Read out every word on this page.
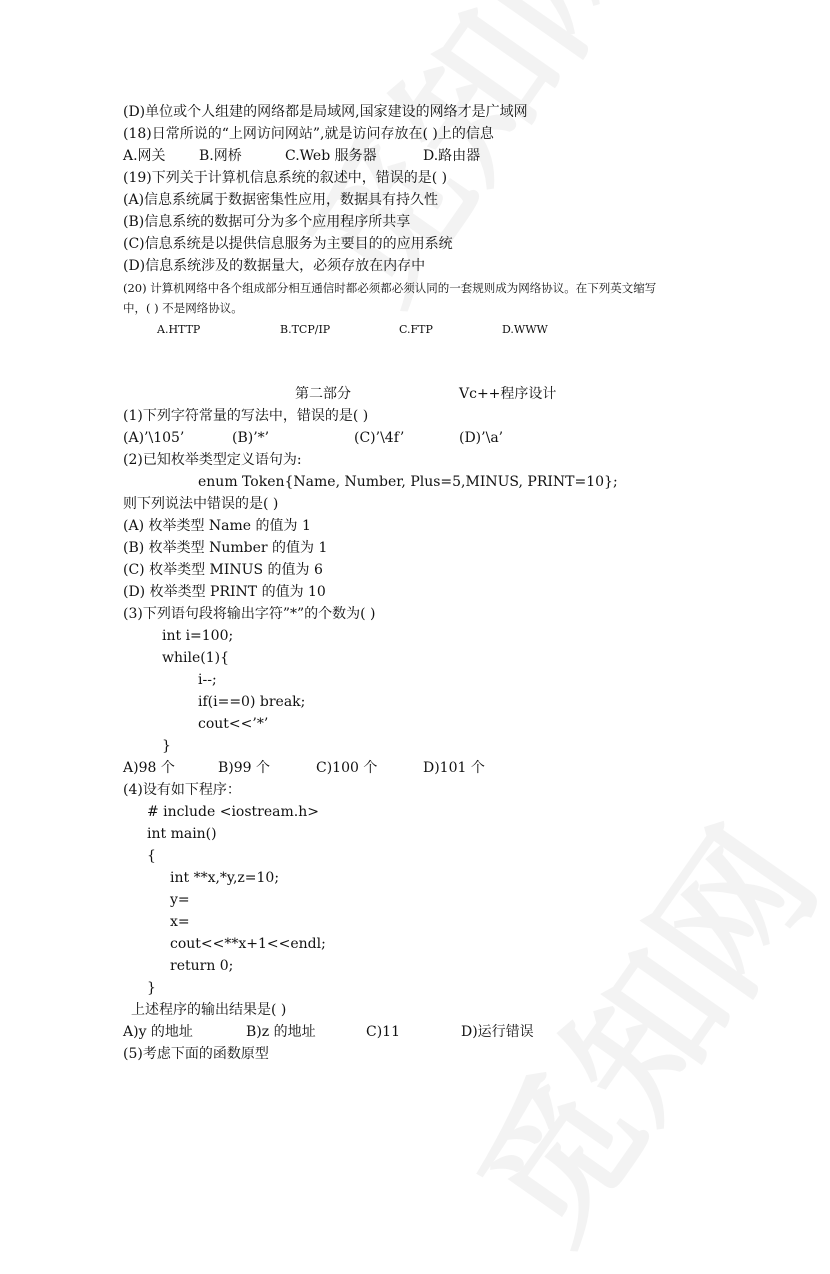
(D)单位或个人组建的网络都是局域网,国家建设的网络才是广域网
(18)日常所说的“上网访问网站”,就是访问存放在( )上的信息
A.网关 B.网桥	C.Web 服务器	D.路由器
(19)下列关于计算机信息系统的叙述中，错误的是( )
(A)信息系统属于数据密集性应用，数据具有持久性
(B)信息系统的数据可分为多个应用程序所共享
(C)信息系统是以提供信息服务为主要目的的应用系统
(D)信息系统涉及的数据量大，必须存放在内存中
(20) 计算机网络中各个组成部分相互通信时都必须都必须认同的一套规则成为网络协议。在下列英文缩写
中，( ) 不是网络协议。
A.HTTP	B.TCP/IP	C.FTP	D.WWW
第二部分	Vc++程序设计
(1)下列字符常量的写法中，错误的是( )
(A)’\105’	(B)’*’	(C)’\4f’	(D)’\a’
(2)已知枚举类型定义语句为:
enum Token{Name, Number, Plus=5,MINUS, PRINT=10};
则下列说法中错误的是( )
(A) 枚举类型 Name 的值为 1
(B) 枚举类型 Number 的值为 1
(C) 枚举类型 MINUS 的值为 6
(D) 枚举类型 PRINT 的值为 10
(3)下列语句段将输出字符”*”的个数为( )
int i=100;
while(1){
i--;
if(i==0) break;
cout<<’*’
}
A)98 个	B)99 个	C)100 个	D)101 个
(4)设有如下程序：
# include <iostream.h>
int main()
{
int **x,*y,z=10;
y=
x=
cout<<**x+1<<endl;
return 0;
}
上述程序的输出结果是( )
A)y 的地址	B)z 的地址	C)11	D)运行错误
(5)考虑下面的函数原型
